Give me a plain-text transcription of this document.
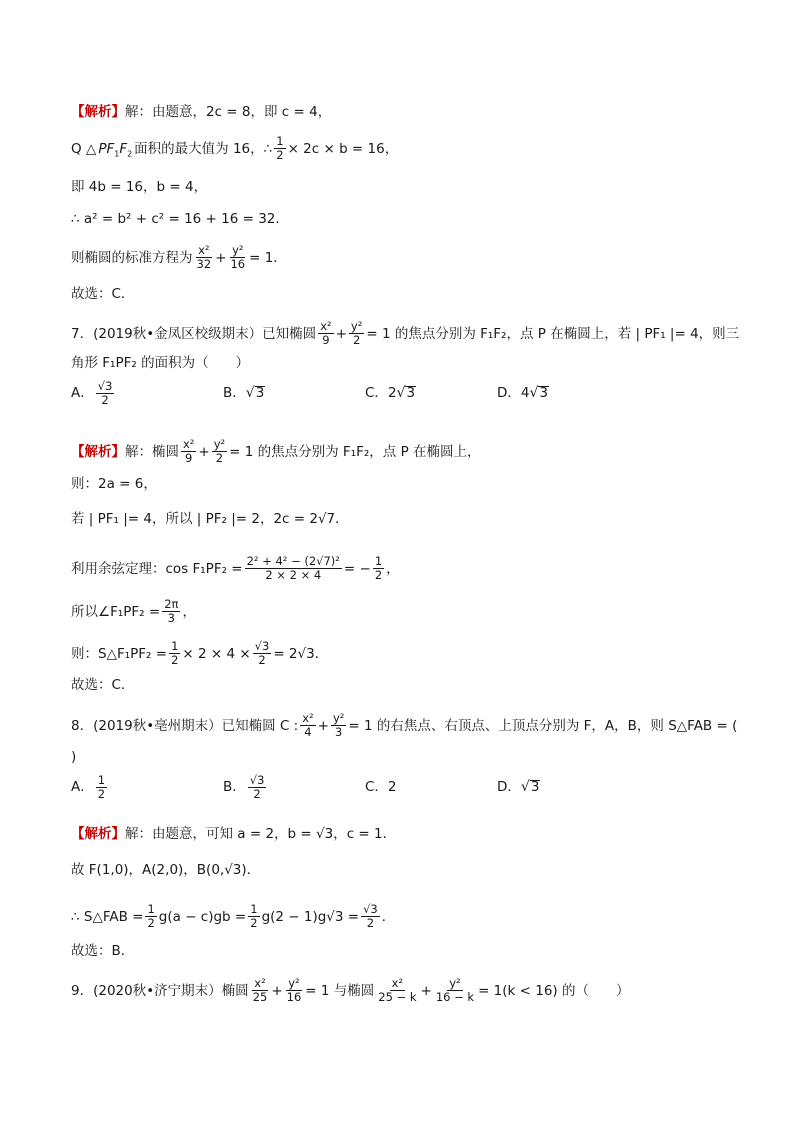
【解析】 解：由题意，2c = 8，即 c = 4，
Q △ $PF_1F_2$ 面积的最大值为 16，∴ $\frac{1}{2} \times 2c \times b = 16$，
即 4b = 16，b = 4，
∴ a² = b² + c² = 16 + 16 = 32．
则椭圆的标准方程为 $\frac{\text{x²}}{32} + \frac{\text{y²}}{16} = 1$．
故选：C．
7．(2019秋•金凤区校级期末）已知椭圆 $\frac{\text{x²}}{9} + \frac{\text{y²}}{2} = 1$ 的焦点分别为 F₁F₂，点 P 在椭圆上，若 | PF₁ |= 4，则三
角形 F₁PF₂ 的面积为（　　）
A． $\frac{√3}{2}$	B． √ 3	C． 2 √ 3	D． 4 √ 3
【解析】 解：椭圆 $\frac{\text{x²}}{9} + \frac{\text{y²}}{2} = 1$ 的焦点分别为 F₁F₂，点 P 在椭圆上，
则：2a = 6，
若 | PF₁ |= 4，所以 | PF₂ |= 2，2c = 2√7．
利用余弦定理：$\cos F_1PF_2 = \frac{\text{2² + 4² − (2√7)²}}{2 \times 2 \times 4}$ = − $\frac{1}{2}$ ，
所以∠F₁PF₂ = $\frac{2\pi}{3}$ ，
则：S△F₁PF₂ = $\frac{1}{2} \times 2 \times 4 \times \frac{√3}{2} = 2√3$．
故选：C．
8．(2019秋•亳州期末）已知椭圆 C : $\frac{\text{x²}}{4} + \frac{\text{y²}}{3} = 1$ 的右焦点、右顶点、上顶点分别为 F，A，B，则 S△FAB = (
)
A． $\frac{1}{2}$	B． $\frac{√3}{2}$	C．2	D． √ 3
【解析】 解：由题意，可知 a = 2，b = √3，c = 1．
故 F(1,0)，A(2,0)，B(0,√3)．
∴ S△FAB = $\frac{1}{2} g(a - c)gb = \frac{1}{2} g(2 - 1)g√3 = \frac{√3}{2}$ ．
故选：B．
9．(2020秋•济宁期末）椭圆 $\frac{\text{x²}}{25} + \frac{\text{y²}}{16} = 1$ 与椭圆 $\frac{\text{x²}}{25 - k} + \frac{\text{y²}}{16 - k} = 1(k < 16)$ 的（　　）
